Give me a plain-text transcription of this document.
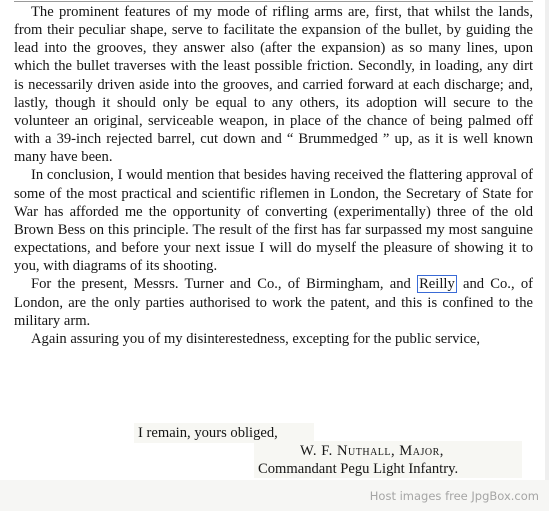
The prominent features of my mode of rifling arms are, first, that whilst the lands, from their peculiar shape, serve to facilitate the expansion of the bullet, by guiding the lead into the grooves, they answer also (after the expansion) as so many lines, upon which the bullet traverses with the least possible friction. Secondly, in loading, any dirt is necessarily driven aside into the grooves, and carried forward at each discharge; and, lastly, though it should only be equal to any others, its adoption will secure to the volunteer an original, serviceable weapon, in place of the chance of being palmed off with a 39-inch rejected barrel, cut down and “ Brummedged ” up, as it is well known many have been.

In conclusion, I would mention that besides having received the flattering approval of some of the most practical and scientific riflemen in London, the Secretary of State for War has afforded me the opportunity of converting (experimentally) three of the old Brown Bess on this principle. The result of the first has far surpassed my most sanguine expectations, and before your next issue I will do myself the pleasure of showing it to you, with diagrams of its shooting.

For the present, Messrs. Turner and Co., of Birmingham, and Reilly and Co., of London, are the only parties authorised to work the patent, and this is confined to the military arm.

Again assuring you of my disinterestedness, excepting for the public service,

I remain, yours obliged,
W. F. Nuthall, Major,
Commandant Pegu Light Infantry.
Host images free JpgBox.com
